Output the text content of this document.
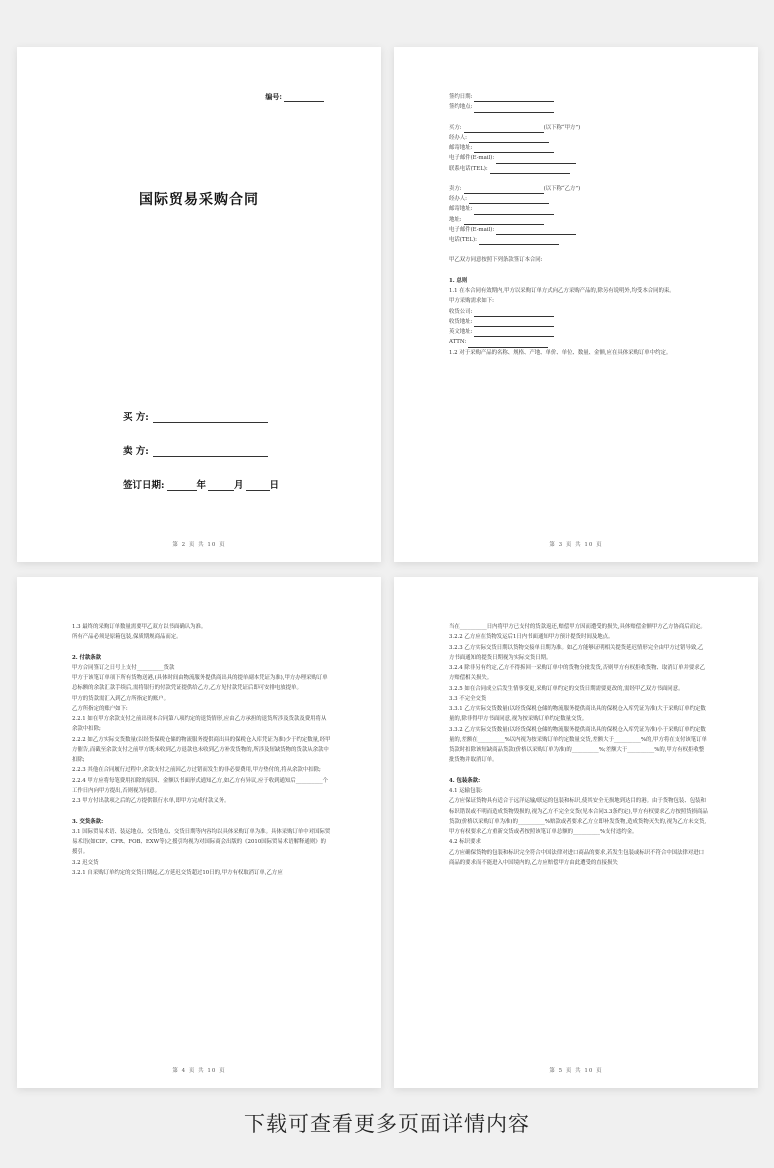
编号:
国际贸易采购合同
买 方:
卖 方:
签订日期:	年	月	日
第 2 页 共 10 页

签约日期:

签约地点:

买方:	(以下称“甲方”)

经办人:

邮寄地址:

电子邮件(E-mail):

联系电话(TEL):

卖方:	(以下称“乙方”)

经办人:

邮寄地址:

地址:

电子邮件(E-mail):

电话(TEL):

甲乙双方同意按照下列条款签订本合同:

1. 总则

1.1 在本合同有效期内,甲方以采购订单方式向乙方采购产品的,除另有说明外,均受本合同的束。

甲方采购需求如下:

收货公司:

收货地址:

英文地址:

ATTN:

1.2 对于采购产品的名称、规格、产地、单价、单位、数量、金额,应在具体采购订单中约定。

第 3 页 共 10 页

1.3 最终的采购订单数量需要甲乙双方以书面确认为准。

所有产品必须是原箱包装,保质期规商品而定。

2. 付款条款

甲方合同签订之日号上支付__________货款

甲方于该笔订单项下所有货物送港,(具体时间由物流服务提供商出具的提单副本凭证为准),甲方办理采购订单总标额的余款汇款手续后,需将银行的付款凭证提供给乙方,乙方见付款凭证后即可安排电放提单。

甲方的货款需汇入到乙方所指定的账户。

乙方所指定的账户如下:

2.2.1 如在甲方余款支付之前出现本合同第八项约定的退货情形,应由乙方承担的退货所涉及货款及费用将从余款中扣除;

2.2.2 如乙方实际交货数量(以经货保税仓储的物流服务提供商出具的保税仓入库凭证为准)少于约定数量,经甲方催告,而截至余款支付之前甲方既未收到乙方退款也未收到乙方补发货物的,所涉及短缺货物的货款从余款中扣除;

2.2.3 其他在合同履行过程中,余款支付之前因乙方过错而发生的非必要费用,甲方垫付的,将从余款中扣除;

2.2.4 甲方应将每笔费用扣除的原因、金额以书面形式通知乙方,如乙方有异议,应于收到通知后__________个工作日内向甲方提出,否则视为同意。

2.3 甲方付出款项之后的乙方提供银行水单,即甲方完成付款义务。

3. 交货条款:

3.1 国际贸易术语、装运地点、交货地点、交货日期等内容均以具体采购订单为准。具体采购订单中对国际贸易术语(如CIF、CFR、FOB、EXW等)之援引均视为对国际商会出版的《2010国际贸易术语解释通则》的援引。

3.2 迟交货

3.2.1 自采购订单约定的交货日期起,乙方延迟交货超过10日的,甲方有权取消订单,乙方应

第 4 页 共 10 页

当在__________日内将甲方已支付的货款返还,赔偿甲方因而遭受的损失,具体赔偿金额甲方乙方协商后而定。

3.2.2 乙方应在货物发运后1日内书面通知甲方预计提货时间及地点。

3.2.3 乙方实际交货日期以货物交接单日期为准。如乙方能够证明相关提货延迟情形完全由甲方过错导致,乙方书面通知的提货日期视为实际交货日期。

3.2.4 除非另有约定,乙方不得拆回一采购订单中的货物分批发货,否则甲方有权拒收货物、取消订单并要求乙方赔偿相关损失。

3.2.5 如在合同成立后发生情事变更,采购订单约定的交货日期需要更改的,需经甲乙双方书面同意。

3.3 不完全交货

3.3.1 乙方实际交货数量(以经货保税仓储的物流服务提供商出具的保税仓入库凭证为准)大于采购订单约定数量的,除非得甲方书面同意,视为按采购订单约定数量交货。

3.3.2 乙方实际交货数量(以经货保税仓储的物流服务提供商出具的保税仓入库凭证为准)小于采购订单约定数量的,差额在__________%以内视为按采购订单约定数量交货,差额大于__________%的,甲方将在支付该笔订单货款时扣除该短缺商品货款(价格以采购订单为准)的__________%;差额大于__________%的,甲方有权拒收整批货物并取消订单。

4. 包装条款:

4.1 运输包装:

乙方应保证货物具有适合于远洋运输/联运的包装和标识,使其安全无损地到达目的港。由于货物包装、包装和标识错误或不明而造成货物毁损的,视为乙方不完全交货(见本合同3.3条约定),甲方有权要求乙方按照货损商品货款(价格以采购订单为准)的__________%赔款或者要求乙方立即补发货物,造成货物灭失的,视为乙方未交货,甲方有权要求乙方重新交货或者按照该笔订单总额的__________%支付违约金。

4.2 标识要求

乙方应确保货物的包装和标识完全符合中国法律对进口商品的要求,若发生包装或标识不符合中国法律对进口商品的要求而不能进入中国境内的,乙方应赔偿甲方由此遭受的直接损失

第 5 页 共 10 页
下载可查看更多页面详情内容
